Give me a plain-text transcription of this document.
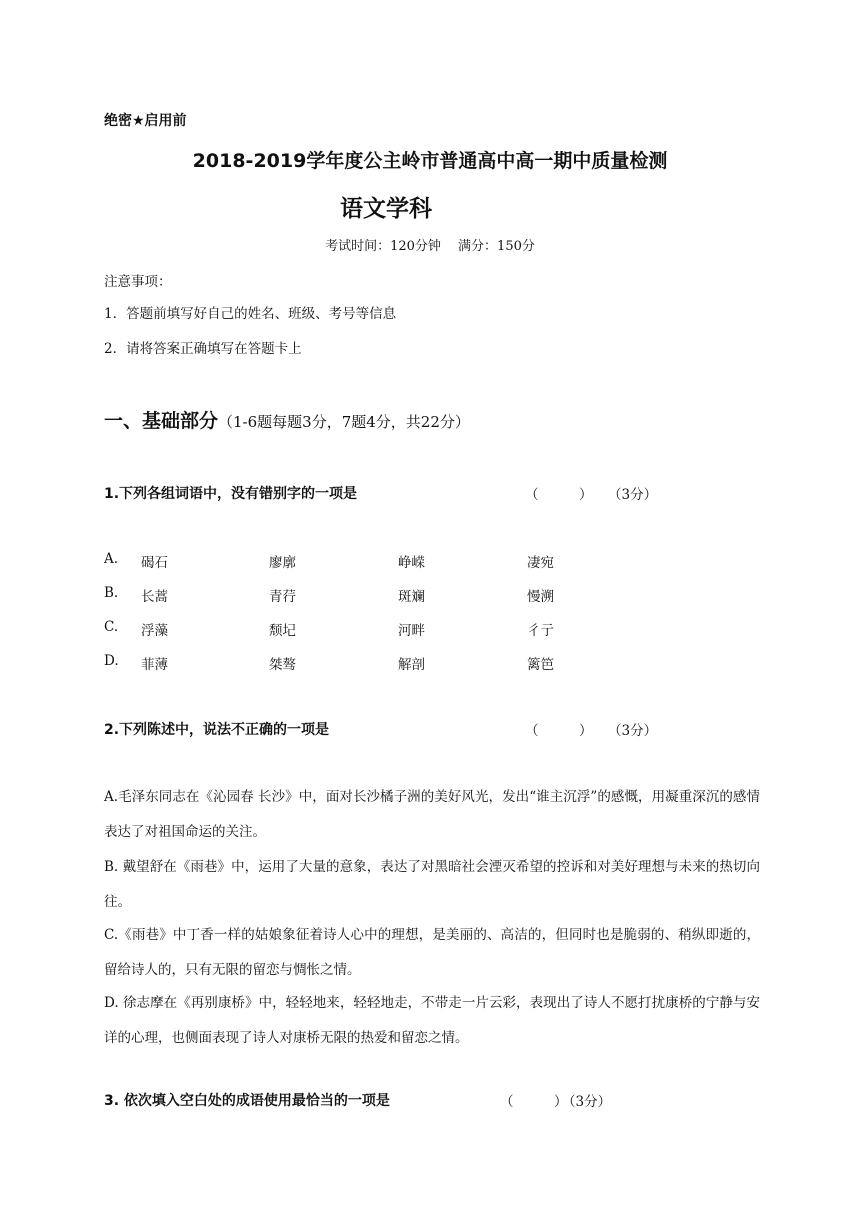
绝密★启用前
2018-2019学年度公主岭市普通高中高一期中质量检测
语文学科
考试时间：120分钟　 满分：150分
注意事项：
1．答题前填写好自己的姓名、班级、考号等信息
2．请将答案正确填写在答题卡上
一、基础部分（1-6题每题3分，7题4分，共22分）
1.下列各组词语中，没有错别字的一项是	（　　　） （3分）
A. 碣石	廖廓	峥嵘	凄宛
B. 长蒿	青荇	斑斓	慢溯
C. 浮藻	颓圮	河畔	彳亍
D. 菲薄	桀骜	解剖	篱笆
2.下列陈述中，说法不正确的一项是	（　　　） （3分）
A.毛泽东同志在《沁园春 长沙》中，面对长沙橘子洲的美好风光，发出“谁主沉浮”的感慨，用凝重深沉的感情表达了对祖国命运的关注。
B. 戴望舒在《雨巷》中，运用了大量的意象，表达了对黑暗社会湮灭希望的控诉和对美好理想与未来的热切向往。
C.《雨巷》中丁香一样的姑娘象征着诗人心中的理想，是美丽的、高洁的，但同时也是脆弱的、稍纵即逝的，留给诗人的，只有无限的留恋与惆怅之情。
D. 徐志摩在《再别康桥》中，轻轻地来，轻轻地走，不带走一片云彩，表现出了诗人不愿打扰康桥的宁静与安详的心理，也侧面表现了诗人对康桥无限的热爱和留恋之情。
3. 依次填入空白处的成语使用最恰当的一项是	（　　　）
（3分）
